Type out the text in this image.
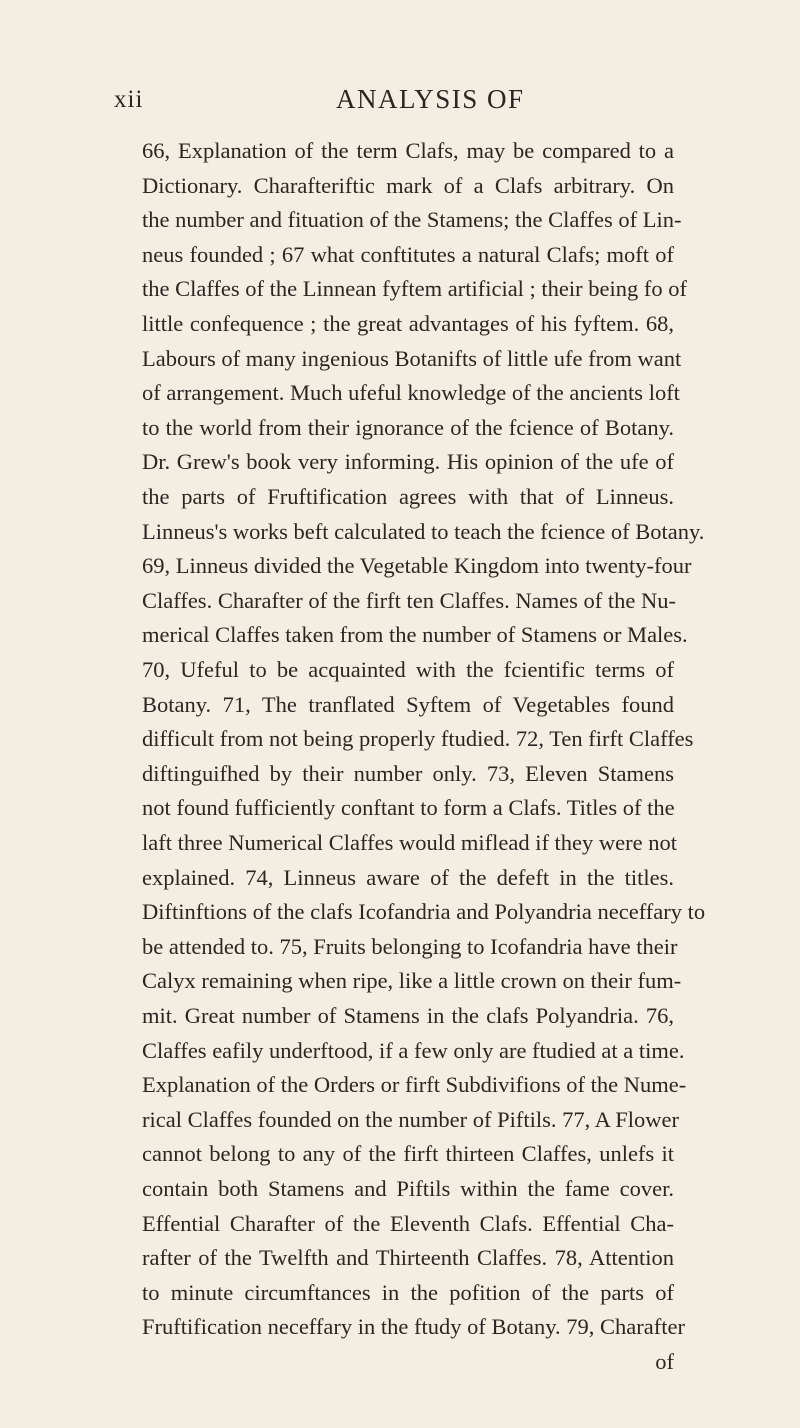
xii	ANALYSIS OF
66, Explanation of the term Clafs, may be compared to a
Dictionary. Charafteriftic mark of a Clafs arbitrary. On
the number and fituation of the Stamens; the Claffes of Lin-
neus founded ; 67 what conftitutes a natural Clafs; moft of
the Claffes of the Linnean fyftem artificial ; their being fo of
little confequence ; the great advantages of his fyftem. 68,
Labours of many ingenious Botanifts of little ufe from want
of arrangement. Much ufeful knowledge of the ancients loft
to the world from their ignorance of the fcience of Botany.
Dr. Grew's book very informing. His opinion of the ufe of
the parts of Fruftification agrees with that of Linneus.
Linneus's works beft calculated to teach the fcience of Botany.
69, Linneus divided the Vegetable Kingdom into twenty-four
Claffes. Charafter of the firft ten Claffes. Names of the Nu-
merical Claffes taken from the number of Stamens or Males.
70, Ufeful to be acquainted with the fcientific terms of
Botany. 71, The tranflated Syftem of Vegetables found
difficult from not being properly ftudied. 72, Ten firft Claffes
diftinguifhed by their number only. 73, Eleven Stamens
not found fufficiently conftant to form a Clafs. Titles of the
laft three Numerical Claffes would miflead if they were not
explained. 74, Linneus aware of the defeft in the titles.
Diftinftions of the clafs Icofandria and Polyandria neceffary to
be attended to. 75, Fruits belonging to Icofandria have their
Calyx remaining when ripe, like a little crown on their fum-
mit. Great number of Stamens in the clafs Polyandria. 76,
Claffes eafily underftood, if a few only are ftudied at a time.
Explanation of the Orders or firft Subdivifions of the Nume-
rical Claffes founded on the number of Piftils. 77, A Flower
cannot belong to any of the firft thirteen Claffes, unlefs it
contain both Stamens and Piftils within the fame cover.
Effential Charafter of the Eleventh Clafs. Effential Cha-
rafter of the Twelfth and Thirteenth Claffes. 78, Attention
to minute circumftances in the pofition of the parts of
Fruftification neceffary in the ftudy of Botany. 79, Charafter
of
